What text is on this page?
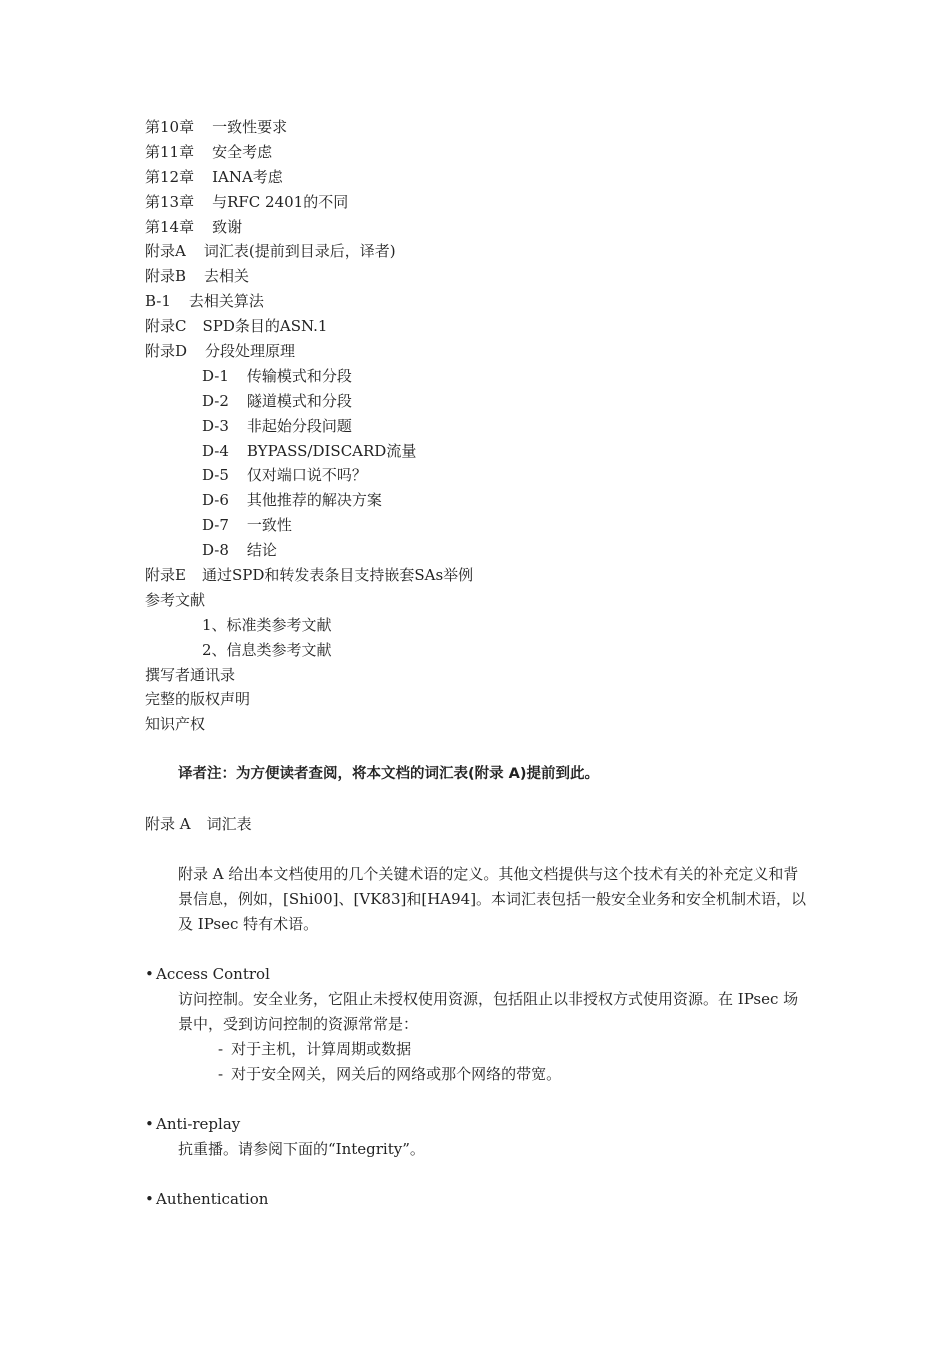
第10章 一致性要求
第11章 安全考虑
第12章 IANA考虑
第13章 与RFC 2401的不同
第14章 致谢
附录A 词汇表(提前到目录后，译者)
附录B 去相关
B-1 去相关算法
附录C SPD条目的ASN.1
附录D 分段处理原理
D-1 传输模式和分段
D-2 隧道模式和分段
D-3 非起始分段问题
D-4 BYPASS/DISCARD流量
D-5 仅对端口说不吗？
D-6 其他推荐的解决方案
D-7 一致性
D-8 结论
附录E 通过SPD和转发表条目支持嵌套SAs举例
参考文献
1、标准类参考文献
2、信息类参考文献
撰写者通讯录
完整的版权声明
知识产权
译者注：为方便读者查阅，将本文档的词汇表(附录 A)提前到此。
附录 A 词汇表
附录 A 给出本文档使用的几个关键术语的定义。其他文档提供与这个技术有关的补充定义和背景信息，例如，[Shi00]、[VK83]和[HA94]。本词汇表包括一般安全业务和安全机制术语，以及 IPsec 特有术语。
• Access Control
访问控制。安全业务，它阻止未授权使用资源，包括阻止以非授权方式使用资源。在 IPsec 场景中，受到访问控制的资源常常是：
- 对于主机，计算周期或数据
- 对于安全网关，网关后的网络或那个网络的带宽。
• Anti-replay
抗重播。请参阅下面的“Integrity”。
• Authentication
